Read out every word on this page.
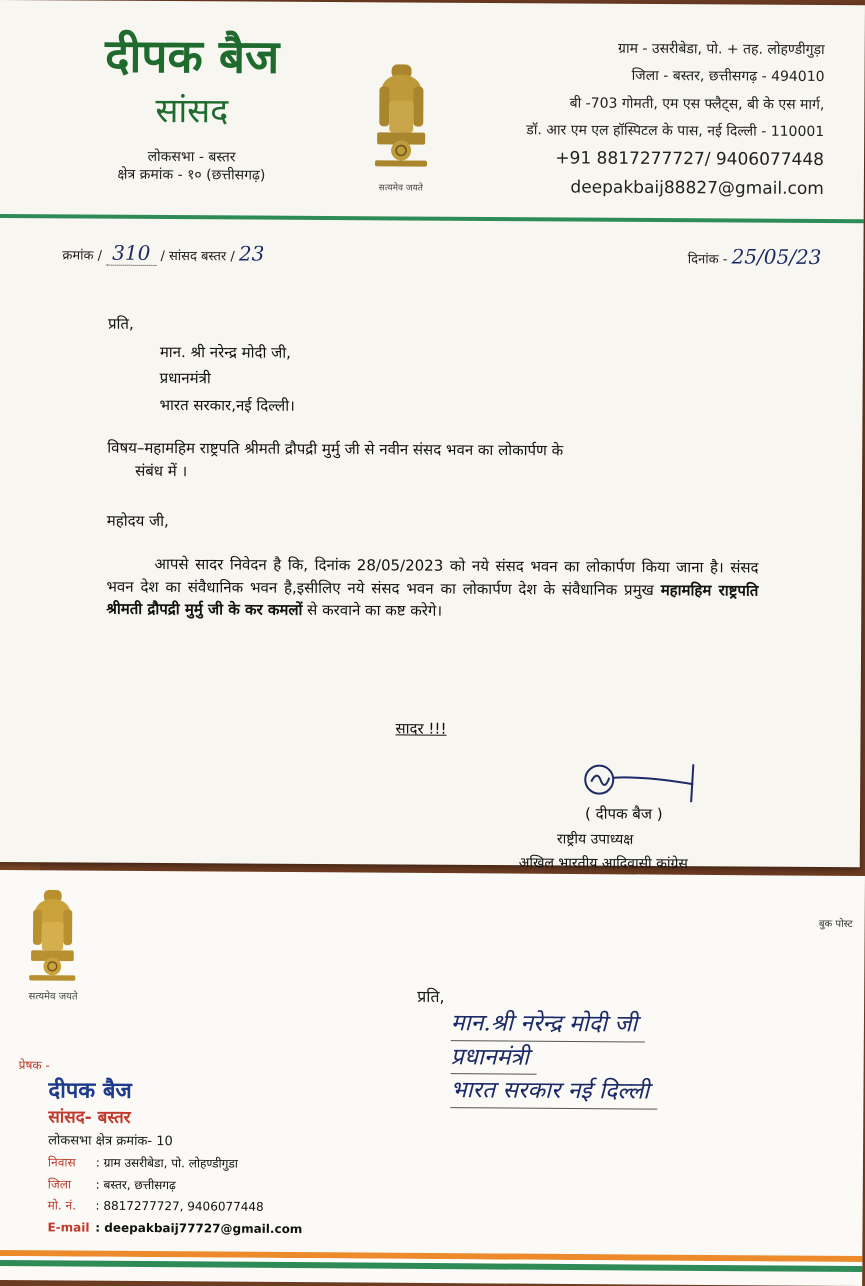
दीपक बैज
सांसद
लोकसभा - बस्तर
क्षेत्र क्रमांक - १० (छत्तीसगढ़)
सत्यमेव जयते
ग्राम - उसरीबेडा, पो. + तह. लोहण्डीगुड़ा
जिला - बस्तर, छत्तीसगढ़ - 494010
बी -703 गोमती, एम एस फ्लैट्स, बी के एस मार्ग,
डॉ. आर एम एल हॉस्पिटल के पास, नई दिल्ली - 110001
+91 8817277727/ 9406077448
deepakbaij88827@gmail.com
क्रमांक / 310 / सांसद बस्तर / 23	दिनांक - 25/05/23
प्रति,
मान. श्री नरेन्द्र मोदी जी,
प्रधानमंत्री
भारत सरकार,नई दिल्ली।
विषय–महामहिम राष्ट्रपति श्रीमती द्रौपद्री मुर्मु जी से नवीन संसद भवन का लोकार्पण के
संबंध में ।
महोदय जी,
आपसे सादर निवेदन है कि, दिनांक 28/05/2023 को नये संसद भवन का लोकार्पण किया जाना है। संसद भवन देश का संवैधानिक भवन है,इसीलिए नये संसद भवन का लोकार्पण देश के संवैधानिक प्रमुख महामहिम राष्ट्रपति श्रीमती द्रौपद्री मुर्मु जी के कर कमलों से करवाने का कष्ट करेगे।
सादर !!!
( दीपक बैज )
राष्ट्रीय उपाध्यक्ष
अखिल भारतीय आदिवासी कांग्रेस
सत्यमेव जयते
बुक पोस्ट
प्रति,
मान.श्री नरेन्द्र मोदी जी
प्रधानमंत्री
भारत सरकार नई दिल्ली
प्रेषक -
दीपक बैज
सांसद- बस्तर
लोकसभा क्षेत्र क्रमांक- 10
निवास : ग्राम उसरीबेडा, पो. लोहण्डीगुडा
जिला : बस्तर, छत्तीसगढ़
मो. नं. : 8817277727, 9406077448
E-mail : deepakbaij77727@gmail.com
